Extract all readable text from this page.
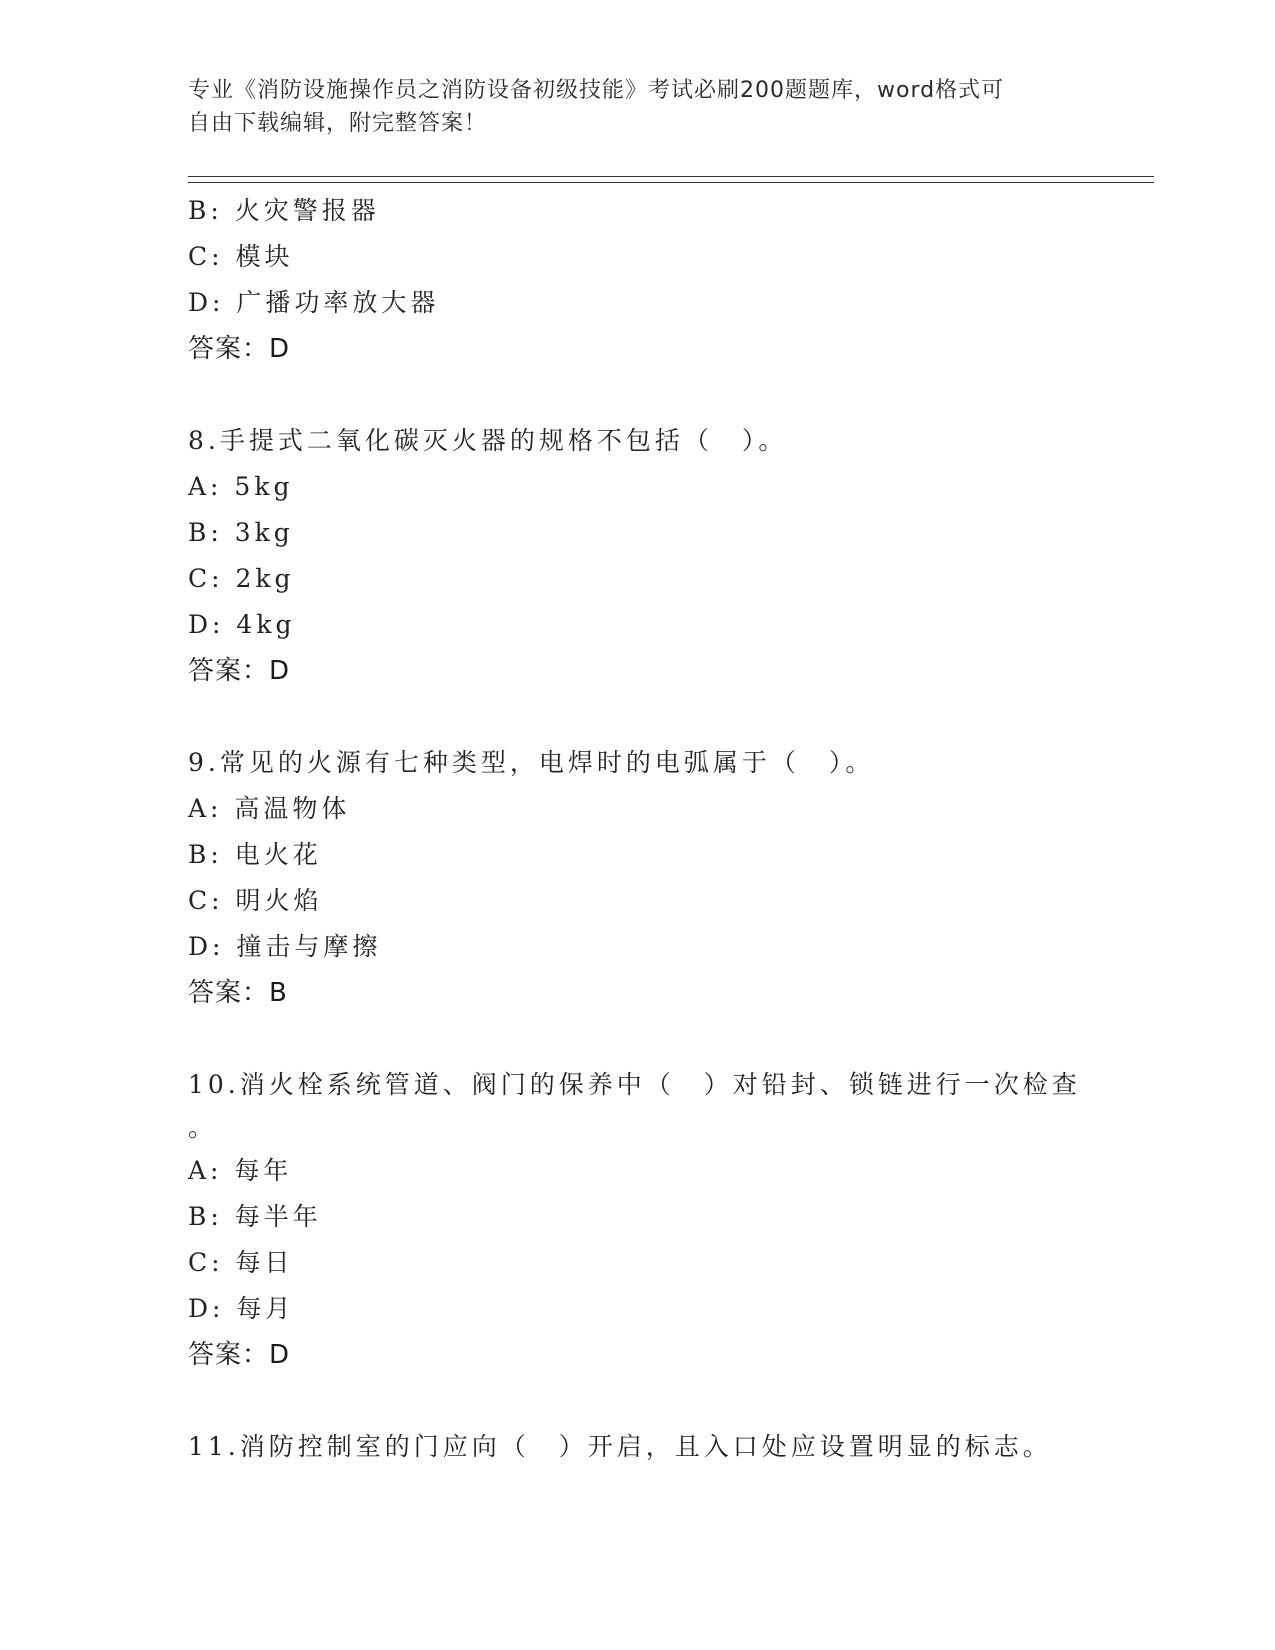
专业《消防设施操作员之消防设备初级技能》考试必刷200题题库，word格式可
自由下载编辑，附完整答案！
B: 火灾警报器
C: 模块
D: 广播功率放大器
答案：D
8.手提式二氧化碳灭火器的规格不包括（　）。
A: 5kg
B: 3kg
C: 2kg
D: 4kg
答案：D
9.常见的火源有七种类型，电焊时的电弧属于（　）。
A: 高温物体
B: 电火花
C: 明火焰
D: 撞击与摩擦
答案：B
10.消火栓系统管道、阀门的保养中（　）对铅封、锁链进行一次检查
。
A: 每年
B: 每半年
C: 每日
D: 每月
答案：D
11.消防控制室的门应向（　）开启，且入口处应设置明显的标志。
